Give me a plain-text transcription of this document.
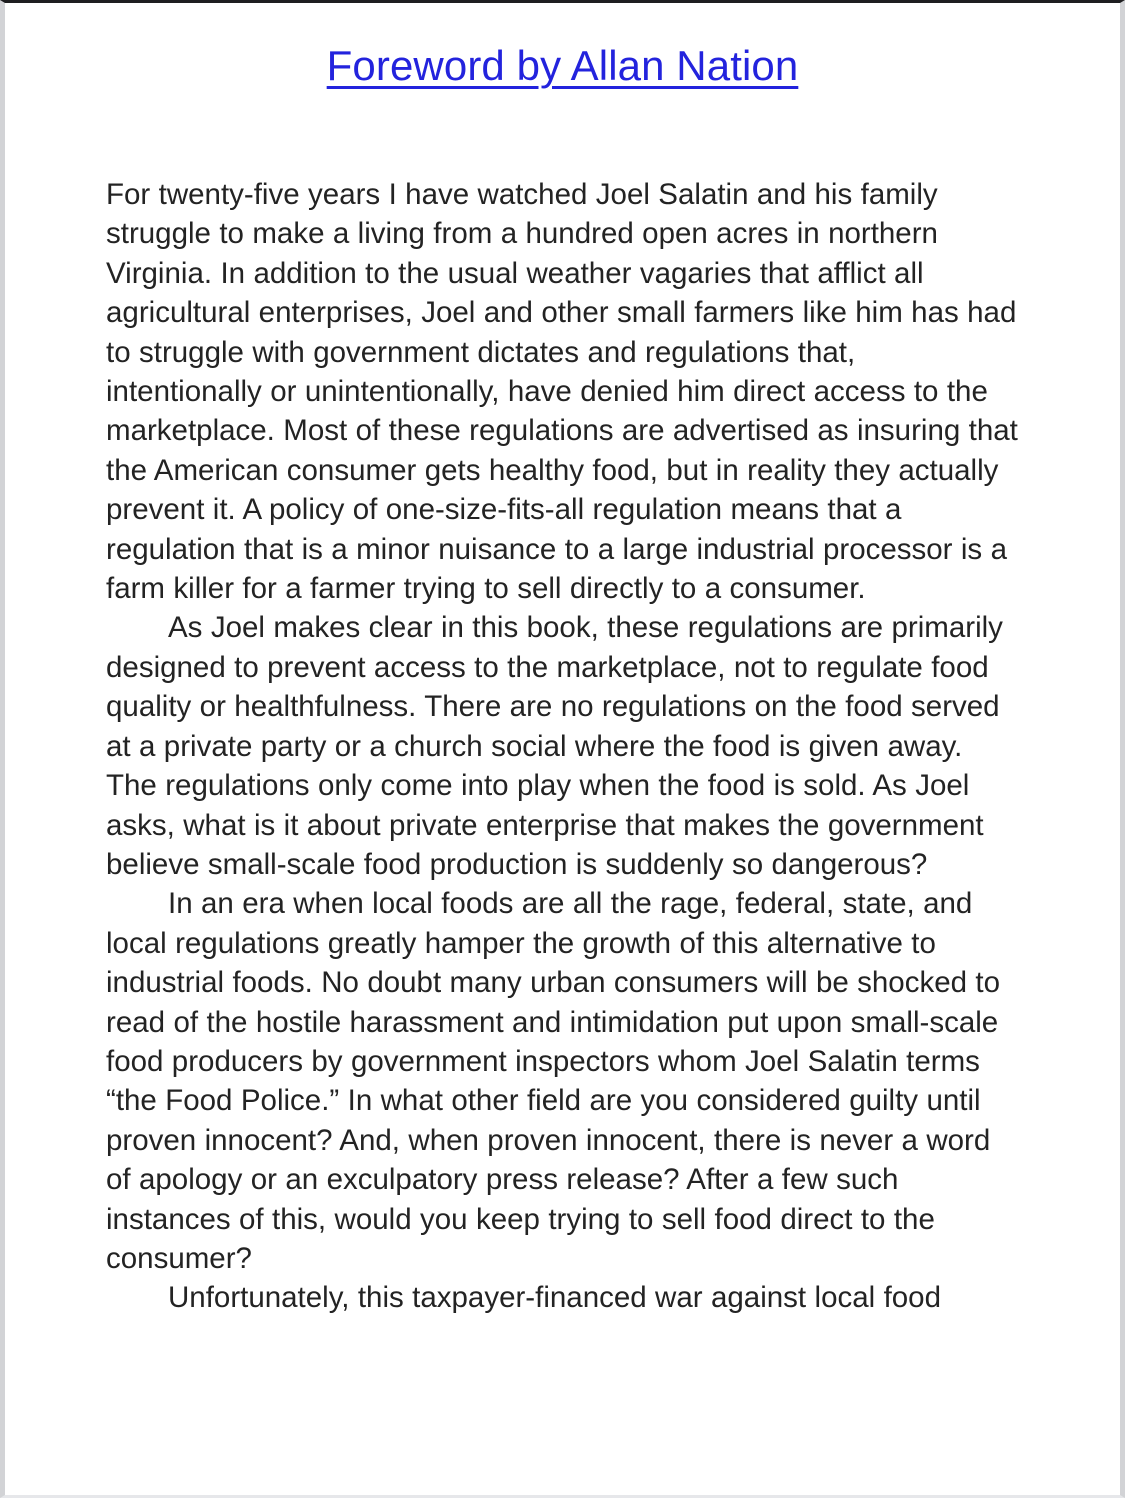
Foreword by Allan Nation

For twenty-five years I have watched Joel Salatin and his family struggle to make a living from a hundred open acres in northern Virginia. In addition to the usual weather vagaries that afflict all agricultural enterprises, Joel and other small farmers like him has had to struggle with government dictates and regulations that, intentionally or unintentionally, have denied him direct access to the marketplace. Most of these regulations are advertised as insuring that the American consumer gets healthy food, but in reality they actually prevent it. A policy of one-size-fits-all regulation means that a regulation that is a minor nuisance to a large industrial processor is a farm killer for a farmer trying to sell directly to a consumer.

As Joel makes clear in this book, these regulations are primarily designed to prevent access to the marketplace, not to regulate food quality or healthfulness. There are no regulations on the food served at a private party or a church social where the food is given away. The regulations only come into play when the food is sold. As Joel asks, what is it about private enterprise that makes the government believe small-scale food production is suddenly so dangerous?

In an era when local foods are all the rage, federal, state, and local regulations greatly hamper the growth of this alternative to industrial foods. No doubt many urban consumers will be shocked to read of the hostile harassment and intimidation put upon small-scale food producers by government inspectors whom Joel Salatin terms “the Food Police.” In what other field are you considered guilty until proven innocent? And, when proven innocent, there is never a word of apology or an exculpatory press release? After a few such instances of this, would you keep trying to sell food direct to the consumer?

Unfortunately, this taxpayer-financed war against local food
